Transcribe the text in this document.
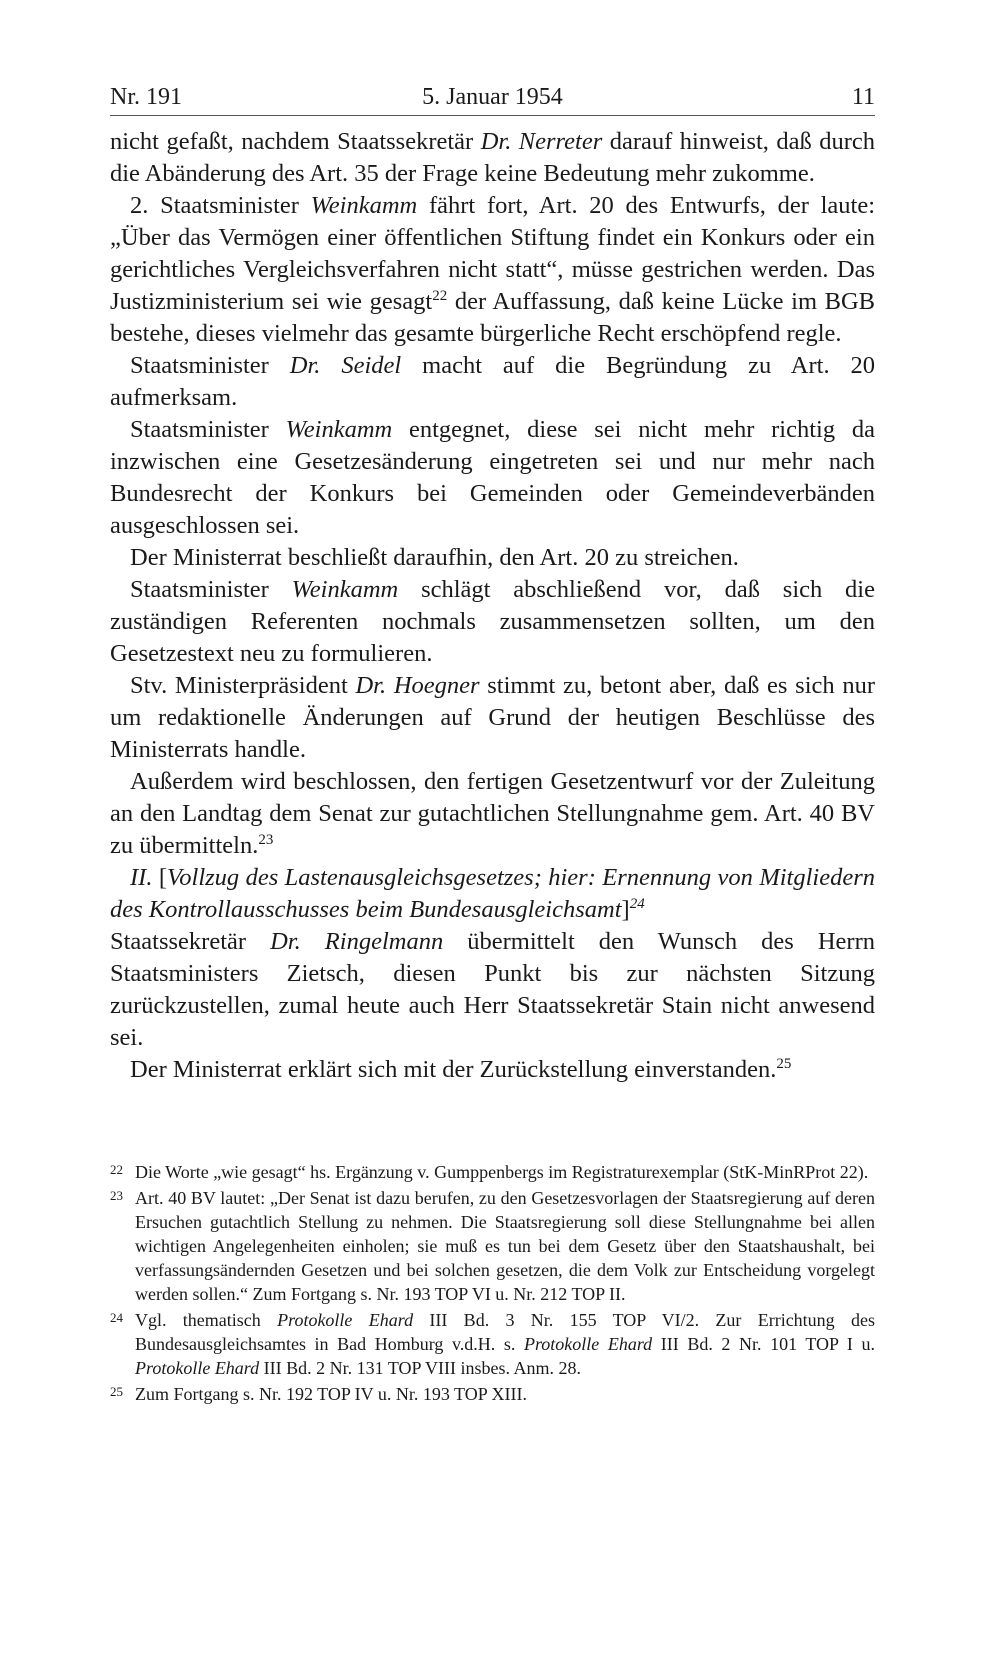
Nr. 191	5. Januar 1954	11

nicht gefaßt, nachdem Staatssekretär Dr. Nerreter darauf hinweist, daß durch die Abänderung des Art. 35 der Frage keine Bedeutung mehr zukomme.

2. Staatsminister Weinkamm fährt fort, Art. 20 des Entwurfs, der laute: „Über das Vermögen einer öffentlichen Stiftung findet ein Konkurs oder ein gerichtliches Vergleichsverfahren nicht statt“, müsse gestrichen werden. Das Justizministerium sei wie gesagt$^{22}$ der Auffassung, daß keine Lücke im BGB bestehe, dieses vielmehr das gesamte bürgerliche Recht erschöpfend regle.

Staatsminister Dr. Seidel macht auf die Begründung zu Art. 20 aufmerksam.

Staatsminister Weinkamm entgegnet, diese sei nicht mehr richtig da inzwischen eine Gesetzesänderung eingetreten sei und nur mehr nach Bundesrecht der Konkurs bei Gemeinden oder Gemeindeverbänden ausgeschlossen sei.

Der Ministerrat beschließt daraufhin, den Art. 20 zu streichen.

Staatsminister Weinkamm schlägt abschließend vor, daß sich die zuständigen Referenten nochmals zusammensetzen sollten, um den Gesetzestext neu zu formulieren.

Stv. Ministerpräsident Dr. Hoegner stimmt zu, betont aber, daß es sich nur um redaktionelle Änderungen auf Grund der heutigen Beschlüsse des Ministerrats handle.

Außerdem wird beschlossen, den fertigen Gesetzentwurf vor der Zuleitung an den Landtag dem Senat zur gutachtlichen Stellungnahme gem. Art. 40 BV zu übermitteln.$^{23}$

II. [Vollzug des Lastenausgleichsgesetzes; hier: Ernennung von Mitgliedern des Kontrollausschusses beim Bundesausgleichsamt]$^{24}$

Staatssekretär Dr. Ringelmann übermittelt den Wunsch des Herrn Staatsministers Zietsch, diesen Punkt bis zur nächsten Sitzung zurückzustellen, zumal heute auch Herr Staatssekretär Stain nicht anwesend sei.

Der Ministerrat erklärt sich mit der Zurückstellung einverstanden.$^{25}$

22 Die Worte „wie gesagt“ hs. Ergänzung v. Gumppenbergs im Registraturexemplar (StK-MinRProt 22).
23 Art. 40 BV lautet: „Der Senat ist dazu berufen, zu den Gesetzesvorlagen der Staatsregierung auf deren Ersuchen gutachtlich Stellung zu nehmen. Die Staatsregierung soll diese Stellungnahme bei allen wichtigen Angelegenheiten einholen; sie muß es tun bei dem Gesetz über den Staatshaushalt, bei verfassungsändernden Gesetzen und bei solchen gesetzen, die dem Volk zur Entscheidung vorgelegt werden sollen.“ Zum Fortgang s. Nr. 193 TOP VI u. Nr. 212 TOP II.
24 Vgl. thematisch Protokolle Ehard III Bd. 3 Nr. 155 TOP VI/2. Zur Errichtung des Bundesausgleichsamtes in Bad Homburg v.d.H. s. Protokolle Ehard III Bd. 2 Nr. 101 TOP I u. Protokolle Ehard III Bd. 2 Nr. 131 TOP VIII insbes. Anm. 28.
25 Zum Fortgang s. Nr. 192 TOP IV u. Nr. 193 TOP XIII.
